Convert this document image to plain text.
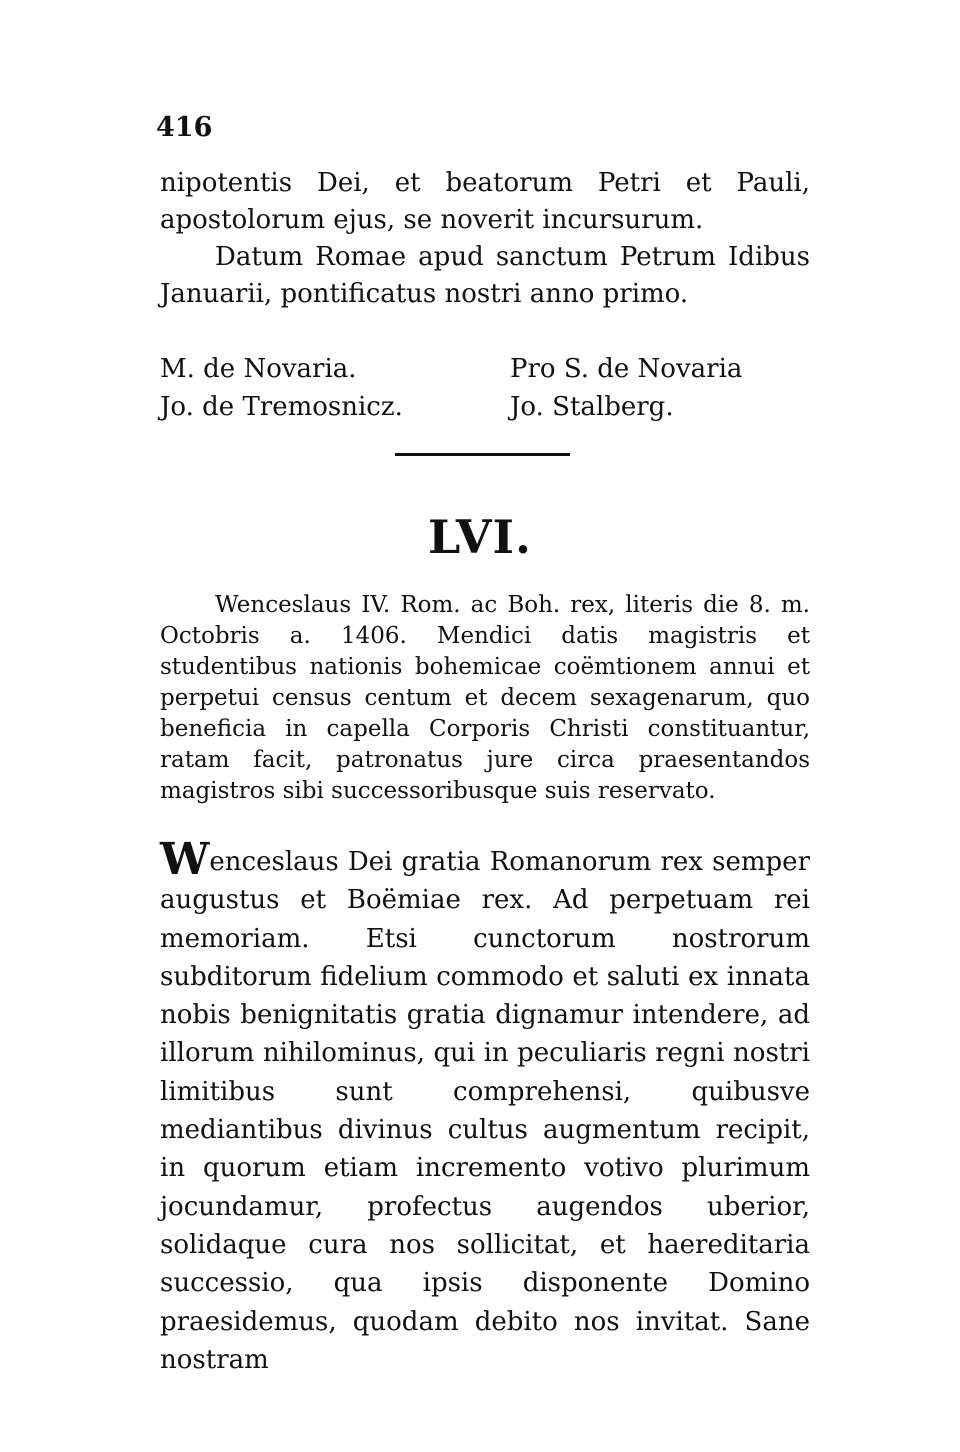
416

nipotentis Dei, et beatorum Petri et Pauli, apostolorum ejus, se noverit incursurum.

Datum Romae apud sanctum Petrum Idibus Januarii, pontificatus nostri anno primo.

M. de Novaria.	Pro S. de Novaria
Jo. de Tremosnicz.	Jo. Stalberg.
LVI.

Wenceslaus IV. Rom. ac Boh. rex, literis die 8. m. Octobris a. 1406. Mendici datis magistris et studentibus nationis bohemicae coëmtionem annui et perpetui census centum et decem sexagenarum, quo beneficia in capella Corporis Christi constituantur, ratam facit, patronatus jure circa praesentandos magistros sibi successoribusque suis reservato.

Wenceslaus Dei gratia Romanorum rex semper augustus et Boëmiae rex. Ad perpetuam rei memoriam. Etsi cunctorum nostrorum subditorum fidelium commodo et saluti ex innata nobis benignitatis gratia dignamur intendere, ad illorum nihilominus, qui in peculiaris regni nostri limitibus sunt comprehensi, quibusve mediantibus divinus cultus augmentum recipit, in quorum etiam incremento votivo plurimum jocundamur, profectus augendos uberior, solidaque cura nos sollicitat, et haereditaria successio, qua ipsis disponente Domino praesidemus, quodam debito nos invitat. Sane nostram
